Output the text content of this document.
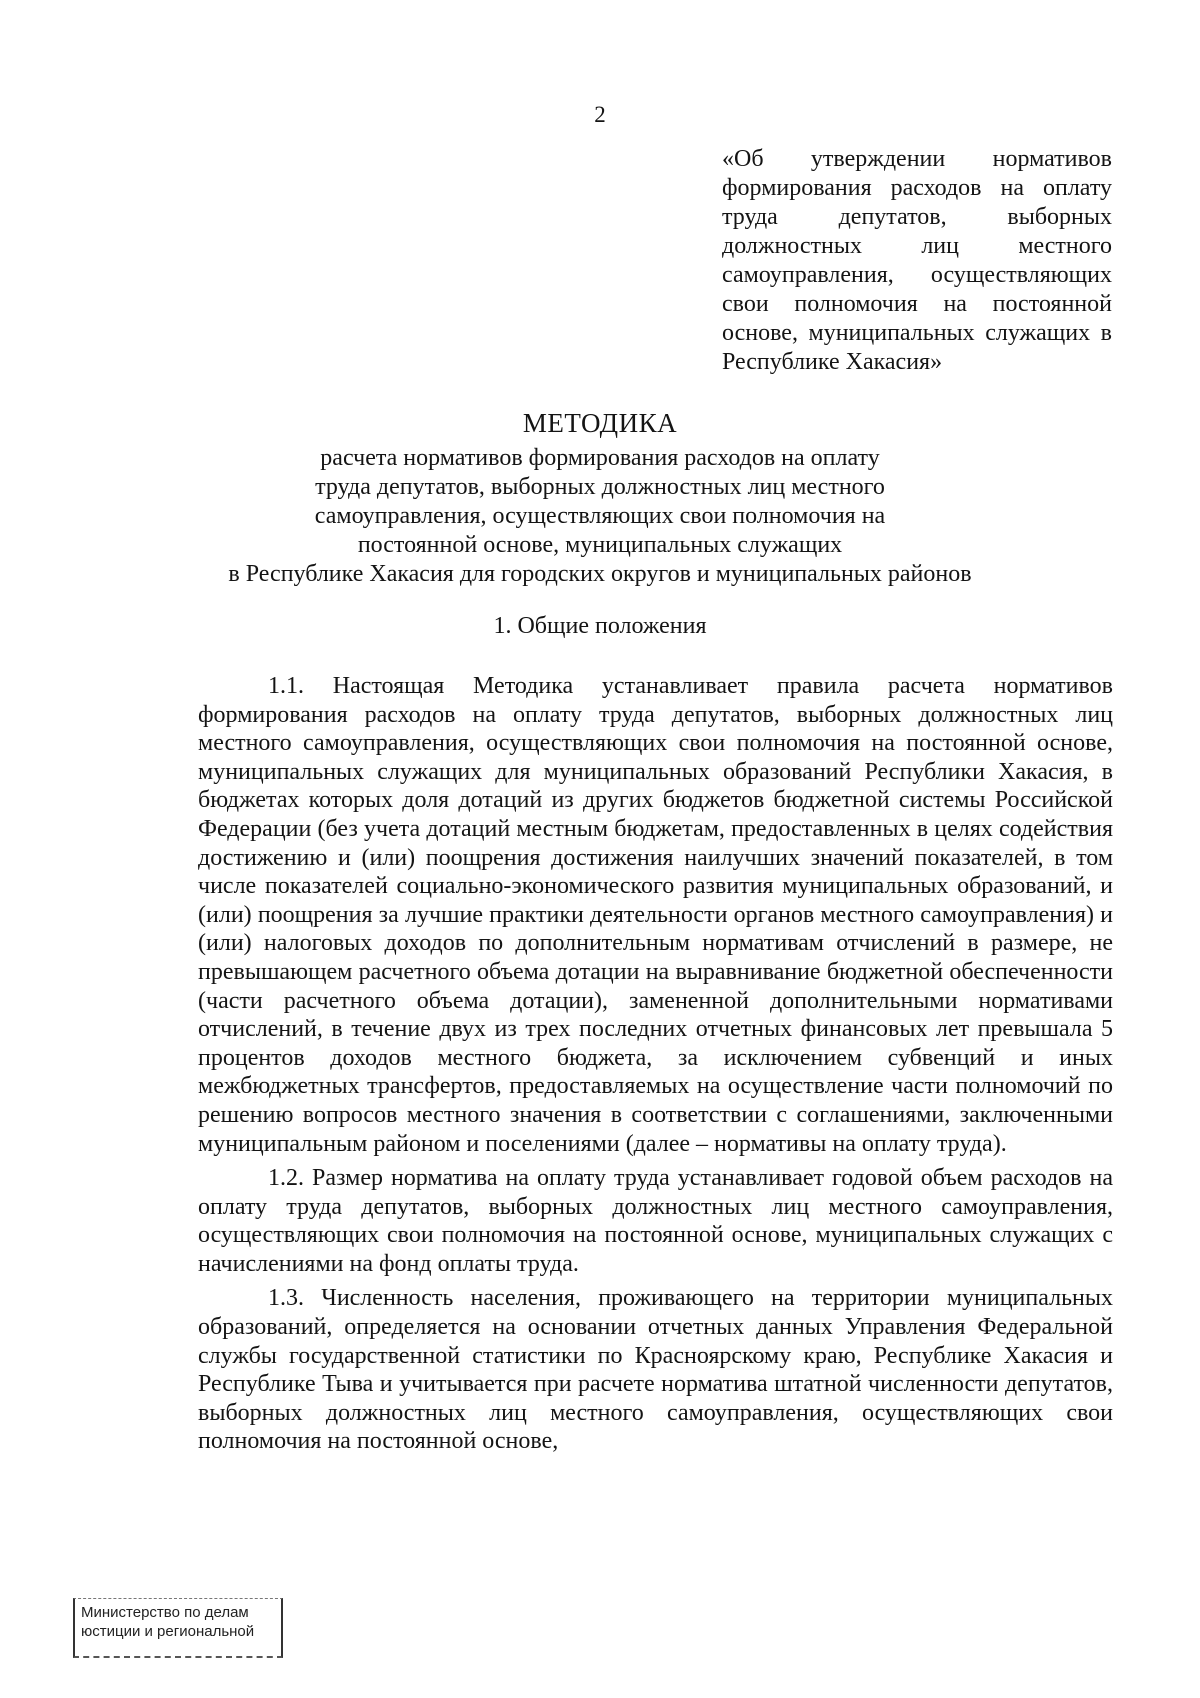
2
«Об утверждении нормативов формирования расходов на оплату труда депутатов, выборных должностных лиц местного самоуправления, осуществляющих свои полномочия на постоянной основе, муниципальных служащих в Республике Хакасия»
МЕТОДИКА
расчета нормативов формирования расходов на оплату
труда депутатов, выборных должностных лиц местного
самоуправления, осуществляющих свои полномочия на
постоянной основе, муниципальных служащих
в Республике Хакасия для городских округов и муниципальных районов
1. Общие положения

1.1. Настоящая Методика устанавливает правила расчета нормативов формирования расходов на оплату труда депутатов, выборных должностных лиц местного самоуправления, осуществляющих свои полномочия на постоянной основе, муниципальных служащих для муниципальных образований Республики Хакасия, в бюджетах которых доля дотаций из других бюджетов бюджетной системы Российской Федерации (без учета дотаций местным бюджетам, предоставленных в целях содействия достижению и (или) поощрения достижения наилучших значений показателей, в том числе показателей социально-экономического развития муниципальных образований, и (или) поощрения за лучшие практики деятельности органов местного самоуправления) и (или) налоговых доходов по дополнительным нормативам отчислений в размере, не превышающем расчетного объема дотации на выравнивание бюджетной обеспеченности (части расчетного объема дотации), замененной дополнительными нормативами отчислений, в течение двух из трех последних отчетных финансовых лет превышала 5 процентов доходов местного бюджета, за исключением субвенций и иных межбюджетных трансфертов, предоставляемых на осуществление части полномочий по решению вопросов местного значения в соответствии с соглашениями, заключенными муниципальным районом и поселениями (далее – нормативы на оплату труда).

1.2. Размер норматива на оплату труда устанавливает годовой объем расходов на оплату труда депутатов, выборных должностных лиц местного самоуправления, осуществляющих свои полномочия на постоянной основе, муниципальных служащих с начислениями на фонд оплаты труда.

1.3. Численность населения, проживающего на территории муниципальных образований, определяется на основании отчетных данных Управления Федеральной службы государственной статистики по Красноярскому краю, Республике Хакасия и Республике Тыва и учитывается при расчете норматива штатной численности депутатов, выборных должностных лиц местного самоуправления, осуществляющих свои полномочия на постоянной основе,

Министерство по делам
юстиции и региональной
